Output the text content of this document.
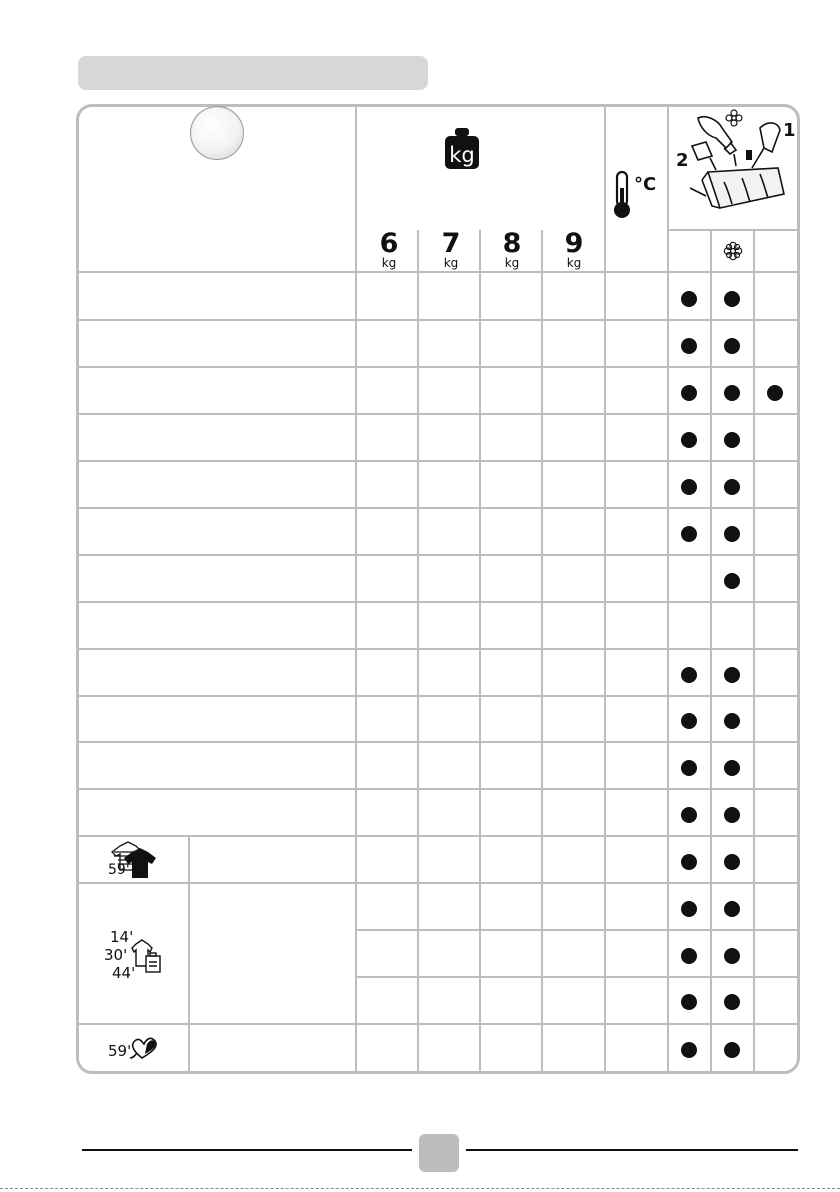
kg
6
kg
7
kg
8
kg
9
kg
°C
2
1
59'
14'
30'
44'
59'
